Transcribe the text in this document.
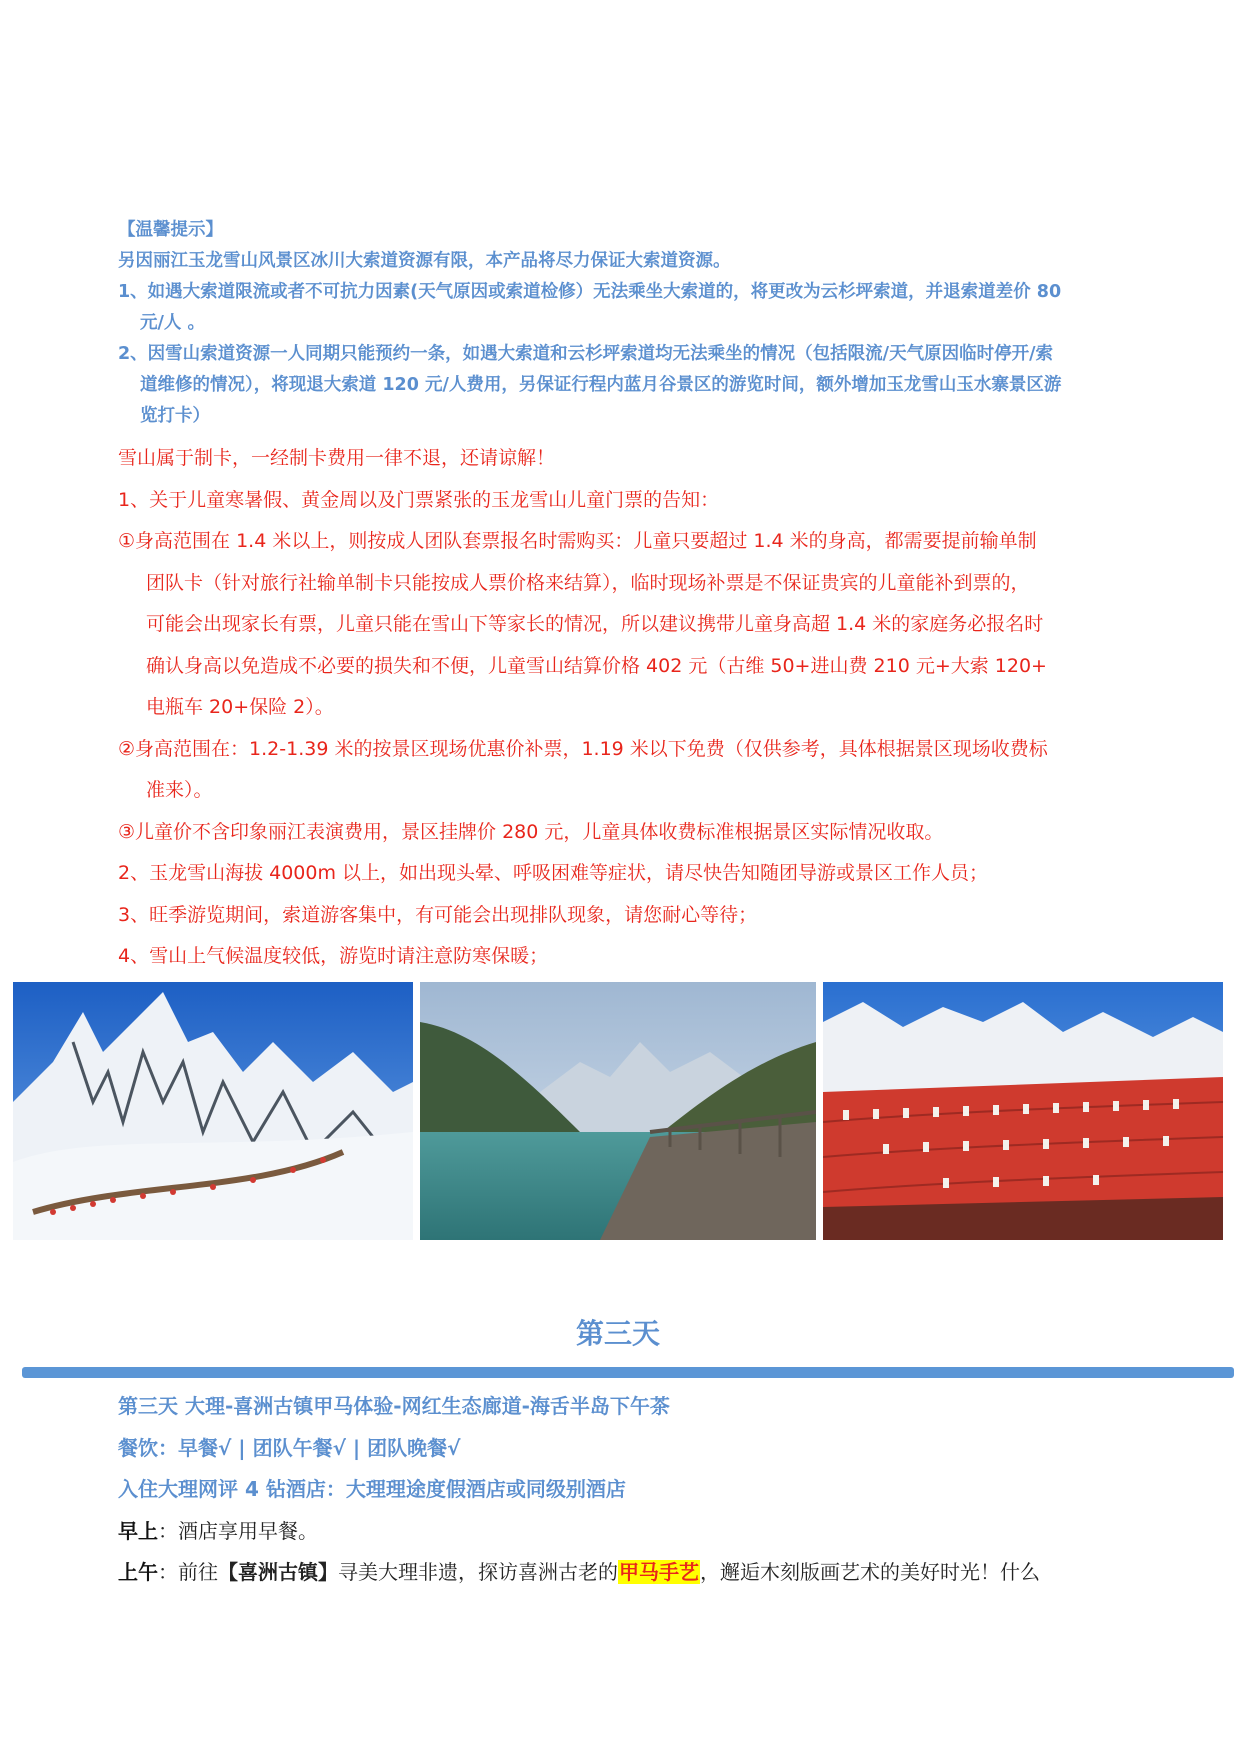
【温馨提示】
另因丽江玉龙雪山风景区冰川大索道资源有限，本产品将尽力保证大索道资源。
1、如遇大索道限流或者不可抗力因素(天气原因或索道检修）无法乘坐大索道的，将更改为云杉坪索道，并退索道差价 80
元/人 。
2、因雪山索道资源一人同期只能预约一条，如遇大索道和云杉坪索道均无法乘坐的情况（包括限流/天气原因临时停开/索
道维修的情况），将现退大索道 120 元/人费用，另保证行程内蓝月谷景区的游览时间，额外增加玉龙雪山玉水寨景区游
览打卡）
雪山属于制卡，一经制卡费用一律不退，还请谅解！
1、关于儿童寒暑假、黄金周以及门票紧张的玉龙雪山儿童门票的告知：
①身高范围在 1.4 米以上，则按成人团队套票报名时需购买：儿童只要超过 1.4 米的身高，都需要提前输单制
团队卡（针对旅行社输单制卡只能按成人票价格来结算），临时现场补票是不保证贵宾的儿童能补到票的，
可能会出现家长有票，儿童只能在雪山下等家长的情况，所以建议携带儿童身高超 1.4 米的家庭务必报名时
确认身高以免造成不必要的损失和不便，儿童雪山结算价格 402 元（古维 50+进山费 210 元+大索 120+
电瓶车 20+保险 2）。
②身高范围在：1.2-1.39 米的按景区现场优惠价补票，1.19 米以下免费（仅供参考，具体根据景区现场收费标
准来）。
③儿童价不含印象丽江表演费用，景区挂牌价 280 元，儿童具体收费标准根据景区实际情况收取。
2、玉龙雪山海拔 4000m 以上，如出现头晕、呼吸困难等症状，请尽快告知随团导游或景区工作人员；
3、旺季游览期间，索道游客集中，有可能会出现排队现象，请您耐心等待；
4、雪山上气候温度较低，游览时请注意防寒保暖；
第三天
第三天 大理-喜洲古镇甲马体验-网红生态廊道-海舌半岛下午茶
餐饮：早餐√ | 团队午餐√ | 团队晚餐√
入住大理网评 4 钻酒店：大理理途度假酒店或同级别酒店
早上：酒店享用早餐。
上午：前往【喜洲古镇】寻美大理非遗，探访喜洲古老的甲马手艺，邂逅木刻版画艺术的美好时光！什么
